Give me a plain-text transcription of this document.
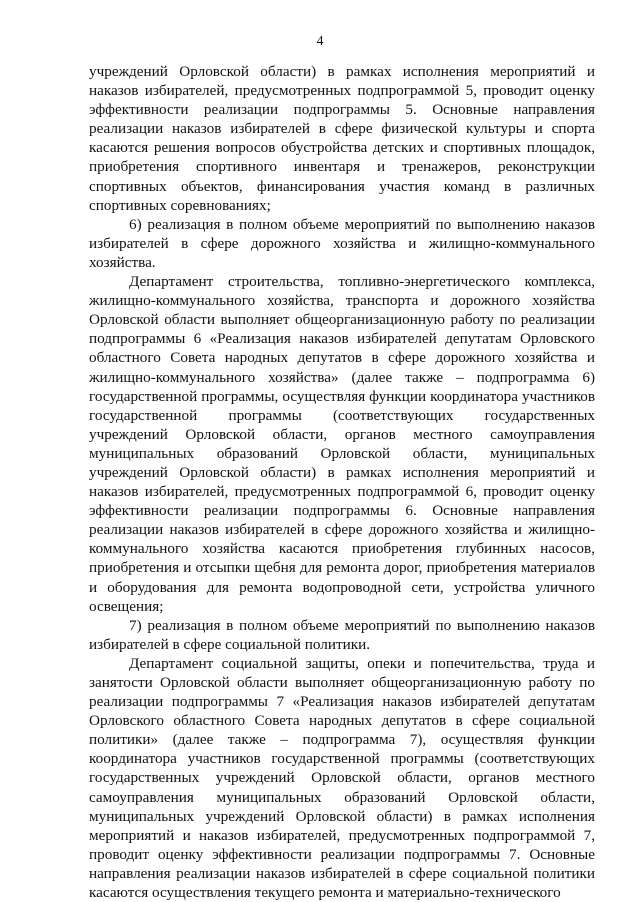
4

учреждений Орловской области) в рамках исполнения мероприятий и наказов избирателей, предусмотренных подпрограммой 5, проводит оценку эффективности реализации подпрограммы 5. Основные направления реализации наказов избирателей в сфере физической культуры и спорта касаются решения вопросов обустройства детских и спортивных площадок, приобретения спортивного инвентаря и тренажеров, реконструкции спортивных объектов, финансирования участия команд в различных спортивных соревнованиях;

6) реализация в полном объеме мероприятий по выполнению наказов избирателей в сфере дорожного хозяйства и жилищно-коммунального хозяйства.

Департамент строительства, топливно-энергетического комплекса, жилищно-коммунального хозяйства, транспорта и дорожного хозяйства Орловской области выполняет общеорганизационную работу по реализации подпрограммы 6 «Реализация наказов избирателей депутатам Орловского областного Совета народных депутатов в сфере дорожного хозяйства и жилищно-коммунального хозяйства» (далее также – подпрограмма 6) государственной программы, осуществляя функции координатора участников государственной программы (соответствующих государственных учреждений Орловской области, органов местного самоуправления муниципальных образований Орловской области, муниципальных учреждений Орловской области) в рамках исполнения мероприятий и наказов избирателей, предусмотренных подпрограммой 6, проводит оценку эффективности реализации подпрограммы 6. Основные направления реализации наказов избирателей в сфере дорожного хозяйства и жилищно-коммунального хозяйства касаются приобретения глубинных насосов, приобретения и отсыпки щебня для ремонта дорог, приобретения материалов и оборудования для ремонта водопроводной сети, устройства уличного освещения;

7) реализация в полном объеме мероприятий по выполнению наказов избирателей в сфере социальной политики.

Департамент социальной защиты, опеки и попечительства, труда и занятости Орловской области выполняет общеорганизационную работу по реализации подпрограммы 7 «Реализация наказов избирателей депутатам Орловского областного Совета народных депутатов в сфере социальной политики» (далее также – подпрограмма 7), осуществляя функции координатора участников государственной программы (соответствующих государственных учреждений Орловской области, органов местного самоуправления муниципальных образований Орловской области, муниципальных учреждений Орловской области) в рамках исполнения мероприятий и наказов избирателей, предусмотренных подпрограммой 7, проводит оценку эффективности реализации подпрограммы 7. Основные направления реализации наказов избирателей в сфере социальной политики касаются осуществления текущего ремонта и материально-технического
